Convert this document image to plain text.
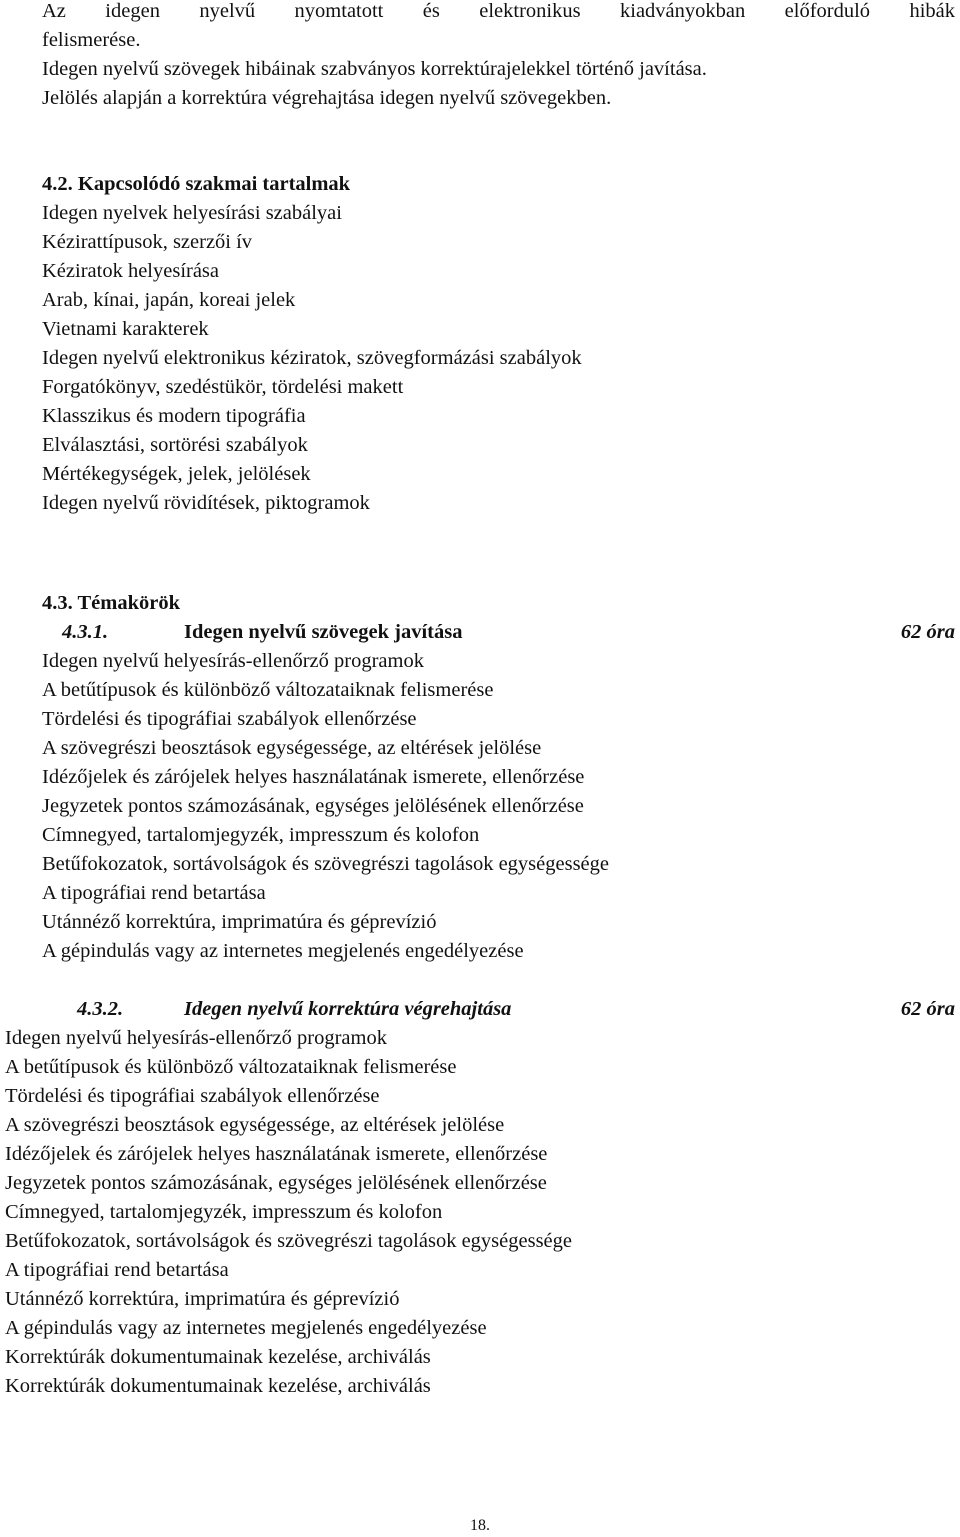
Az idegen nyelvű nyomtatott és elektronikus kiadványokban előforduló hibák
felismerése.
Idegen nyelvű szövegek hibáinak szabványos korrektúrajelekkel történő javítása.
Jelölés alapján a korrektúra végrehajtása idegen nyelvű szövegekben.
4.2. Kapcsolódó szakmai tartalmak
Idegen nyelvek helyesírási szabályai
Kézirattípusok, szerzői ív
Kéziratok helyesírása
Arab, kínai, japán, koreai jelek
Vietnami karakterek
Idegen nyelvű elektronikus kéziratok, szövegformázási szabályok
Forgatókönyv, szedéstükör, tördelési makett
Klasszikus és modern tipográfia
Elválasztási, sortörési szabályok
Mértékegységek, jelek, jelölések
Idegen nyelvű rövidítések, piktogramok
4.3. Témakörök
4.3.1.	Idegen nyelvű szövegek javítása	62 óra
Idegen nyelvű helyesírás-ellenőrző programok
A betűtípusok és különböző változataiknak felismerése
Tördelési és tipográfiai szabályok ellenőrzése
A szövegrészi beosztások egységessége, az eltérések jelölése
Idézőjelek és zárójelek helyes használatának ismerete, ellenőrzése
Jegyzetek pontos számozásának, egységes jelölésének ellenőrzése
Címnegyed, tartalomjegyzék, impresszum és kolofon
Betűfokozatok, sortávolságok és szövegrészi tagolások egységessége
A tipográfiai rend betartása
Utánnéző korrektúra, imprimatúra és géprevízió
A gépindulás vagy az internetes megjelenés engedélyezése
4.3.2.	Idegen nyelvű korrektúra végrehajtása	62 óra
Idegen nyelvű helyesírás-ellenőrző programok
A betűtípusok és különböző változataiknak felismerése
Tördelési és tipográfiai szabályok ellenőrzése
A szövegrészi beosztások egységessége, az eltérések jelölése
Idézőjelek és zárójelek helyes használatának ismerete, ellenőrzése
Jegyzetek pontos számozásának, egységes jelölésének ellenőrzése
Címnegyed, tartalomjegyzék, impresszum és kolofon
Betűfokozatok, sortávolságok és szövegrészi tagolások egységessége
A tipográfiai rend betartása
Utánnéző korrektúra, imprimatúra és géprevízió
A gépindulás vagy az internetes megjelenés engedélyezése
Korrektúrák dokumentumainak kezelése, archiválás
Korrektúrák dokumentumainak kezelése, archiválás
18.
